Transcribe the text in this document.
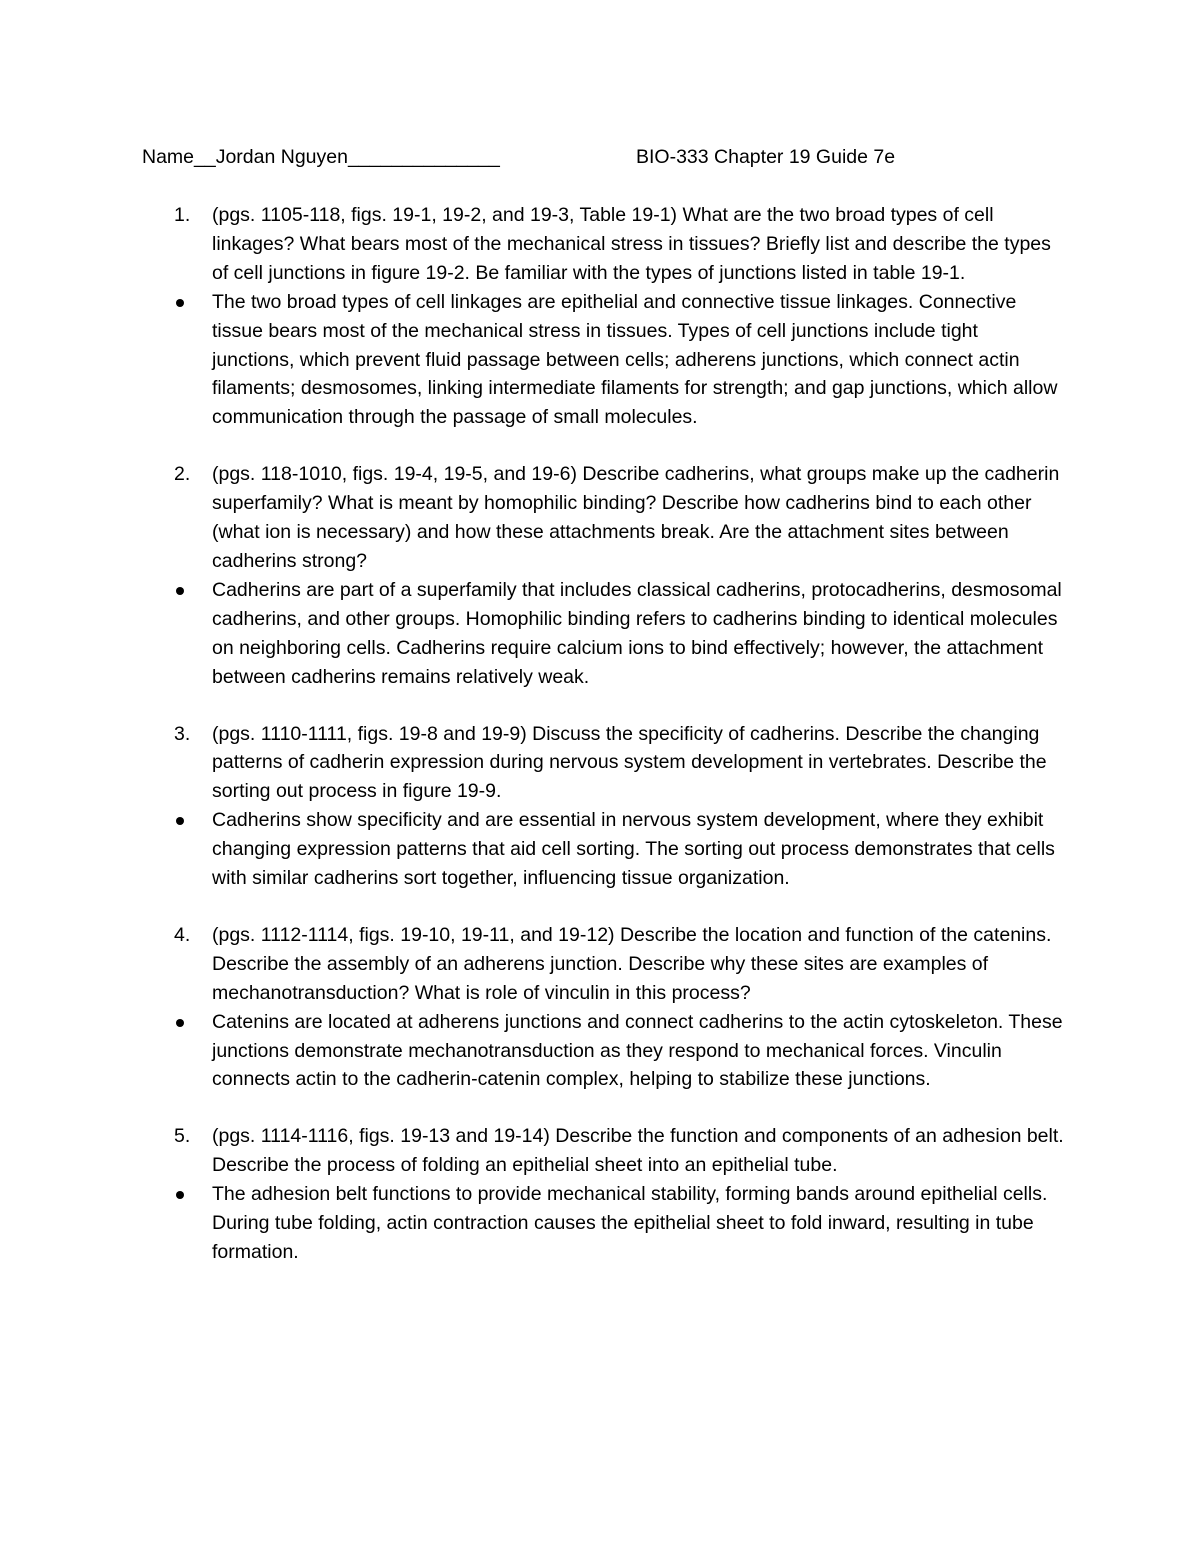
Name__Jordan Nguyen______________	BIO-333 Chapter 19 Guide 7e
1. (pgs. 1105-118, figs. 19-1, 19-2, and 19-3, Table 19-1) What are the two broad types of cell linkages? What bears most of the mechanical stress in tissues? Briefly list and describe the types of cell junctions in figure 19-2. Be familiar with the types of junctions listed in table 19-1.
The two broad types of cell linkages are epithelial and connective tissue linkages. Connective tissue bears most of the mechanical stress in tissues. Types of cell junctions include tight junctions, which prevent fluid passage between cells; adherens junctions, which connect actin filaments; desmosomes, linking intermediate filaments for strength; and gap junctions, which allow communication through the passage of small molecules.
2. (pgs. 118-1010, figs. 19-4, 19-5, and 19-6) Describe cadherins, what groups make up the cadherin superfamily? What is meant by homophilic binding? Describe how cadherins bind to each other (what ion is necessary) and how these attachments break. Are the attachment sites between cadherins strong?
Cadherins are part of a superfamily that includes classical cadherins, protocadherins, desmosomal cadherins, and other groups. Homophilic binding refers to cadherins binding to identical molecules on neighboring cells. Cadherins require calcium ions to bind effectively; however, the attachment between cadherins remains relatively weak.
3. (pgs. 1110-1111, figs. 19-8 and 19-9) Discuss the specificity of cadherins. Describe the changing patterns of cadherin expression during nervous system development in vertebrates. Describe the sorting out process in figure 19-9.
Cadherins show specificity and are essential in nervous system development, where they exhibit changing expression patterns that aid cell sorting. The sorting out process demonstrates that cells with similar cadherins sort together, influencing tissue organization.
4. (pgs. 1112-1114, figs. 19-10, 19-11, and 19-12) Describe the location and function of the catenins. Describe the assembly of an adherens junction. Describe why these sites are examples of mechanotransduction? What is role of vinculin in this process?
Catenins are located at adherens junctions and connect cadherins to the actin cytoskeleton. These junctions demonstrate mechanotransduction as they respond to mechanical forces. Vinculin connects actin to the cadherin-catenin complex, helping to stabilize these junctions.
5. (pgs. 1114-1116, figs. 19-13 and 19-14) Describe the function and components of an adhesion belt. Describe the process of folding an epithelial sheet into an epithelial tube.
The adhesion belt functions to provide mechanical stability, forming bands around epithelial cells. During tube folding, actin contraction causes the epithelial sheet to fold inward, resulting in tube formation.
